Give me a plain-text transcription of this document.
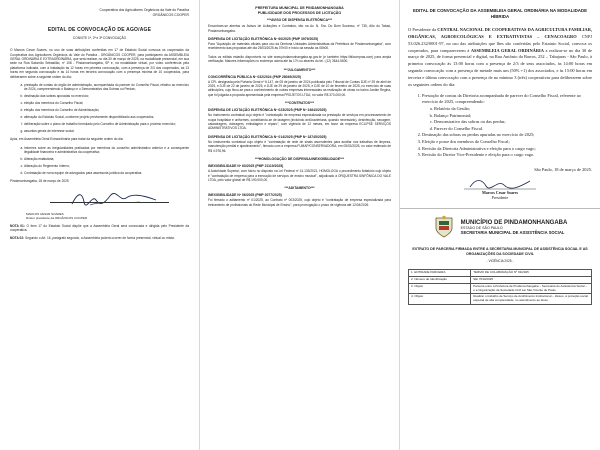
Cooperativa dos Agricultores Orgânicos da Vale do Paraíba
ORGÂNICOS COOPER
EDITAL DE CONVOCAÇÃO DE AGO/AGE
CONVITE 1ª, 2ª e 3ª CONVOCAÇÃO

O Marcos Cesar Soares, no uso de suas atribuições conferidas em 17 de Estatuto Social convoca os cooperados da Cooperativa dos Agricultores Orgânicos do Vale do Paraíba - ORGÂNICOS COOPER, para participarem da ASSEMBLEIA GERAL ORDINÁRIA E EXTRAORDINÁRIA, que será realizar, no dia 30 de março de 2025, na modalidade presencial, em sua sede na Rua Salomão Sebastião, nº 108 - Pindamonhangaba, SP e, na modalidade virtual, por vídeo conferência pela plataforma indicada, com a instalação às 12 horas em primeira convocação, com a presença de 2/3 dos cooperados, às 13 horas em segunda convocação e às 14 horas em terceira convocação com a presença mínima de 10 cooperados, para deliberarem sobre a seguinte ordem do dia:

a. prestação de contas do órgão de administração, acompanhada do parecer do Conselho Fiscal, relativo ao exercício de 2024, compreendendo o Balanço e o Demonstrativo das Sobras ou Perdas;
b. destinação das sobras apuradas no exercício;
c. eleição dos membros do Conselho Fiscal;
d. eleição dos membros do Conselho de Administração;
e. alteração do Estatuto Social, conforme projeto previamente disponibilizado aos cooperados;
f. deliberação sobre o plano de trabalho formulado pelo Conselho de Administração para o próximo exercício;
g. assuntos gerais de interesse social.

Após, em Assembleia Geral Extraordinária para tratar da seguinte ordem do dia:

a. Informes sobre as irregularidades praticadas por membros do conselho administrativo anterior e a consequente ilegalidade financeira e administrativa da cooperativa;
b. Alteração estatutária;
c. Alteração do Regimento Interno;
d. Contratação de nova equipe de advogados para assessoria jurídica da cooperativa.

Pindamonhangaba, 18 de março de 2025

MARCOS CESAR SOARES
Diretor presidente da ORGÂNICOS COOPER

NOTA 01: O item 17 do Estatuto Social dispõe que a Assembleia Geral será convocada e dirigida pelo Presidente da cooperativa.

NOTA 02: Segundo o Art. 16, parágrafo segundo, a Assembleia poderá ocorrer de forma presencial, virtual ou mista.

PREFEITURA MUNICIPAL DE PINDAMONHANGABA
PUBLICIDADE DOS PROCESSOS DE LICITAÇÃO
***AVISO DE DISPENSA ELETRÔNICA***

Encontram-se abertos os Avisos de Licitações e Contratos, sito na Av. N. Sra. Do Bom Sucesso, nº 735, Alto do Tabaú, Pindamonhangaba.

DISPENSA DE LICITAÇÃO ELETRÔNICA Nº 60/2025 (PMP 3979/2025)

Para "Aquisição de materiais oficiais para uso da Diretoria Unidades Administrativas da Prefeitura de Pindamonhangaba", com recebimento das propostas até dia 25/03/2025 às 07h00 e início da sessão às 08h00.

Todos os editais estarão disponíveis no site www.pindamonhangaba.sp.gov.br (e também https://bllcompras.com) para ampla verificação. Maiores informações no endereço acima até às 17h ou através do tel.: (12) 3644-5600.

***JULGAMENTO***
CONCORRÊNCIA PÚBLICA Nº 032/2024 (PMP 28049/2025)

A CPL designada pela Portaria Geral nº 6.147, de 05 de janeiro de 2024 publicada pelo Tribunal de Contas DJE nº 29 de abril de 2025, e DJE de 22 de janeiro de 2025, e DJE de 29 de janeiro de 2025, e DJE de 10 de fevereiro de 2025, no exercício de suas atribuições, cujo fixou-se para o conhecimento de outras empresas interessadas na realização de obras no bairro Jardim Regina, que foi julgada a proposta apresentada pela empresa PROJETOS LTDA, no valor R$ 373.000,00.

***CONTRATOS***
DISPENSA DE LICITAÇÃO ELETRÔNICA Nº 023/2025 (PMP Nº 24643/2025)

No instrumento contratual cujo objeto é "contratação de empresa especializada na prestação de serviços em processamento de roupa hospitalar e uniformes, constituindo-se de lavagem (incluindo anti-bacteriana, quando necessário), desinfecção, secagem, calandragem, dobragem, embalagem e reparo", com vigência de 12 meses, em favor da empresa ECLIPSE SERVIÇOS ADMINISTRATIVOS LTDA.

DISPENSA DE LICITAÇÃO ELETRÔNICA Nº 014/2025 (PMP Nº 18745/2025)

No instrumento contratual cujo objeto é "contratação de rede de sinais ascendentes para auxiliar nos trabalhos de limpeza, manutenção predial e ajardinamento", firmado com a empresa FUMAP/CONSERVADORA, em 05/03/2025, no valor estimado de R$ 4.978,96.

***HOMOLOGAÇÃO DE DISPENSA/INEXIGIBILIDADE***
INEXIGIBILIDADE Nº 60/2025 (PMP 21119/2025)

A Autoridade Superior, com fulcro no disposto na Lei Federal nº 14.133/2021, HOMOLOGA o procedimento licitatório cujo objeto é "contratação de empresa para a execução de serviços de ensino musical", adjudicado à ORQUESTRA SINFÔNICA DO VALE LTDA, pelo valor global de R$ 190.000,00.

***ADITAMENTO***
INEXIGIBILIDADE Nº 06/2025 (PMP 2077/2025)

Foi firmado o aditamento nº 01/2025, ao Contrato nº 003/2025, cujo objeto é "contratação de empresa especializada para treinamento de profissionais do Rede Municipal de Ensino", para prorrogação o prazo de vigência até 12/04/2026.

EDITAL DE CONVOCAÇÃO DA ASSEMBLEIA GERAL ORDINÁRIA NA MODALIDADE HÍBRIDA

O Presidente da CENTRAL NACIONAL DE COOPERATIVAS DA AGRICULTURA FAMILIAR, ORGÂNICAS, AGROECOLÓGICAS E EXTRATIVISTAS – CENACOAGRO CNPJ 53.026.232/0001-97, no uso das atribuições que lhes são conferidas pelo Estatuto Social, convoca os cooperados, para comparecerem à ASSEMBLEIA GERAL ORDINÁRIA a realizar-se no dia 30 de março de 2025, de forma presencial e digital, na Rua Antônio da Barros, 252 – Tabajaras - São Paulo, à primeira convocação às 13:00 horas com a presença de 2/3 de seus associados, às 14:00 horas em segunda convocação com a presença de metade mais um (50% +1) dos associados, e às 15:00 horas em terceira e última convocação com a presença de no mínimo 3 (três) cooperativas para deliberarem sobre os seguintes ordens do dia:

1. Prestação de contas da Diretoria acompanhada de parecer do Conselho Fiscal, referente ao exercício de 2025, compreendendo:
a. Relatório da Gestão;
b. Balanço Patrimonial;
c. Demonstrativo das sobras ou das perdas;
d. Parecer do Conselho Fiscal.
2. Destinação das sobras ou perdas apuradas no exercício de 2025;
3. Eleição e posse dos membros do Conselho Fiscal;
4. Revisão da Diretoria Administrativa e eleição para o cargo vago;
5. Revisão do Diretor Vice-Presidente e eleição para o cargo vago.
São Paulo, 18 de março de 2025.
Marcos Cesar Soares
Presidente
MUNICÍPIO DE PINDAMONHANGABA
ESTADO DE SÃO PAULO
SECRETARIA MUNICIPAL DE ASSISTÊNCIA SOCIAL
EXTRATO DE PARCERIA FIRMADA ENTRE A SECRETARIA MUNICIPAL DE ASSISTÊNCIA SOCIAL E AS ORGANIZAÇÕES DA SOCIEDADE CIVIL
- VIGÊNCIA 2025 -
1. ENTIDADE PARCEIRA	TERMO DE COLABORAÇÃO Nº 03/2025
2. Número de Identificação	SEI 7034/2025
3. Objeto	Parceria entre a Prefeitura de Pindamonhangaba – Secretaria de Assistência Social – e a Organização da Sociedade Civil Lar São Vicente de Paulo
4. Objeto	Realizar o trabalho de Serviço de Acolhimento Institucional – Idosos, à proteção social especial de alta complexidade, no atendimento ao idoso.
